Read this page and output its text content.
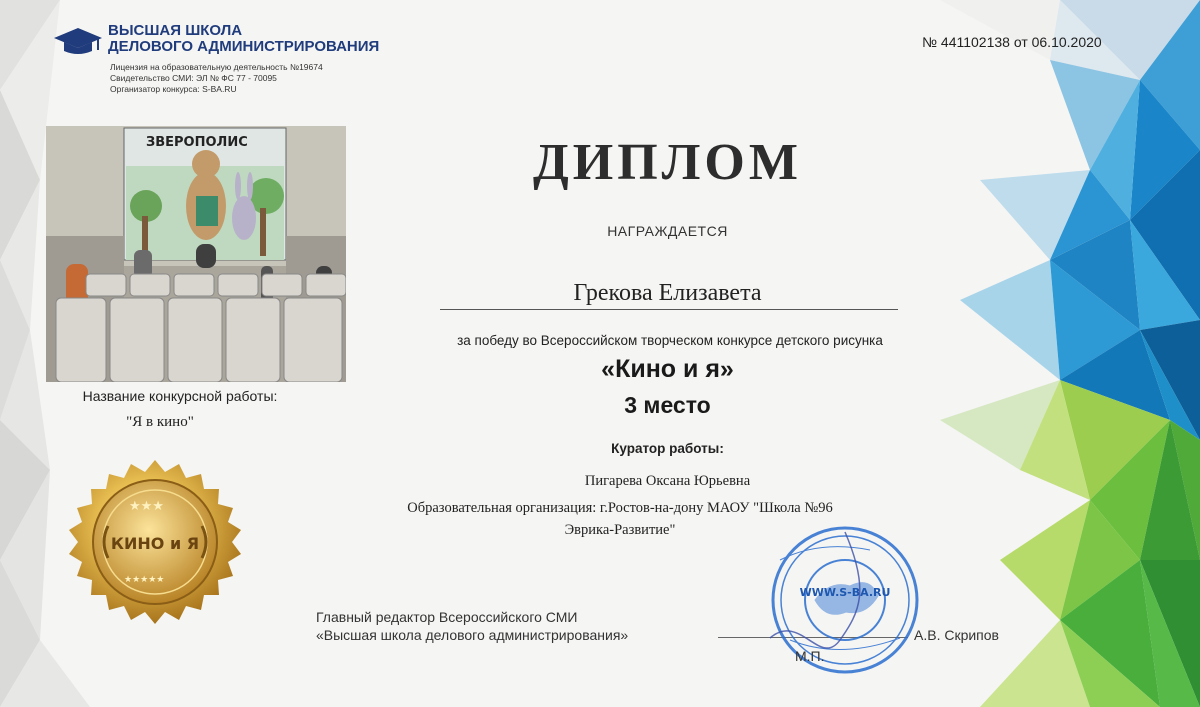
ВЫСШАЯ ШКОЛА
ДЕЛОВОГО АДМИНИСТРИРОВАНИЯ
Лицензия на образовательную деятельность №19674
Свидетельство СМИ: ЭЛ № ФС 77 - 70095
Организатор конкурса: S-BA.RU
№ 441102138 от 06.10.2020
ЗВЕРОПОЛИС
Название конкурсной работы:
"Я в кино"
★★★
★★★★★
КИНО и Я
ДИПЛОМ
НАГРАЖДАЕТСЯ
Грекова Елизавета
за победу во Всероссийском творческом конкурсе детского рисунка
«Кино и я»
3 место
Куратор работы:
Пигарева Оксана Юрьевна
Образовательная организация: г.Ростов-на-дону МАОУ "Школа №96
Эврика-Развитие"
Главный редактор Всероссийского СМИ
«Высшая школа делового администрирования»
WWW.S-BA.RU
А.В. Скрипов
М.П.
